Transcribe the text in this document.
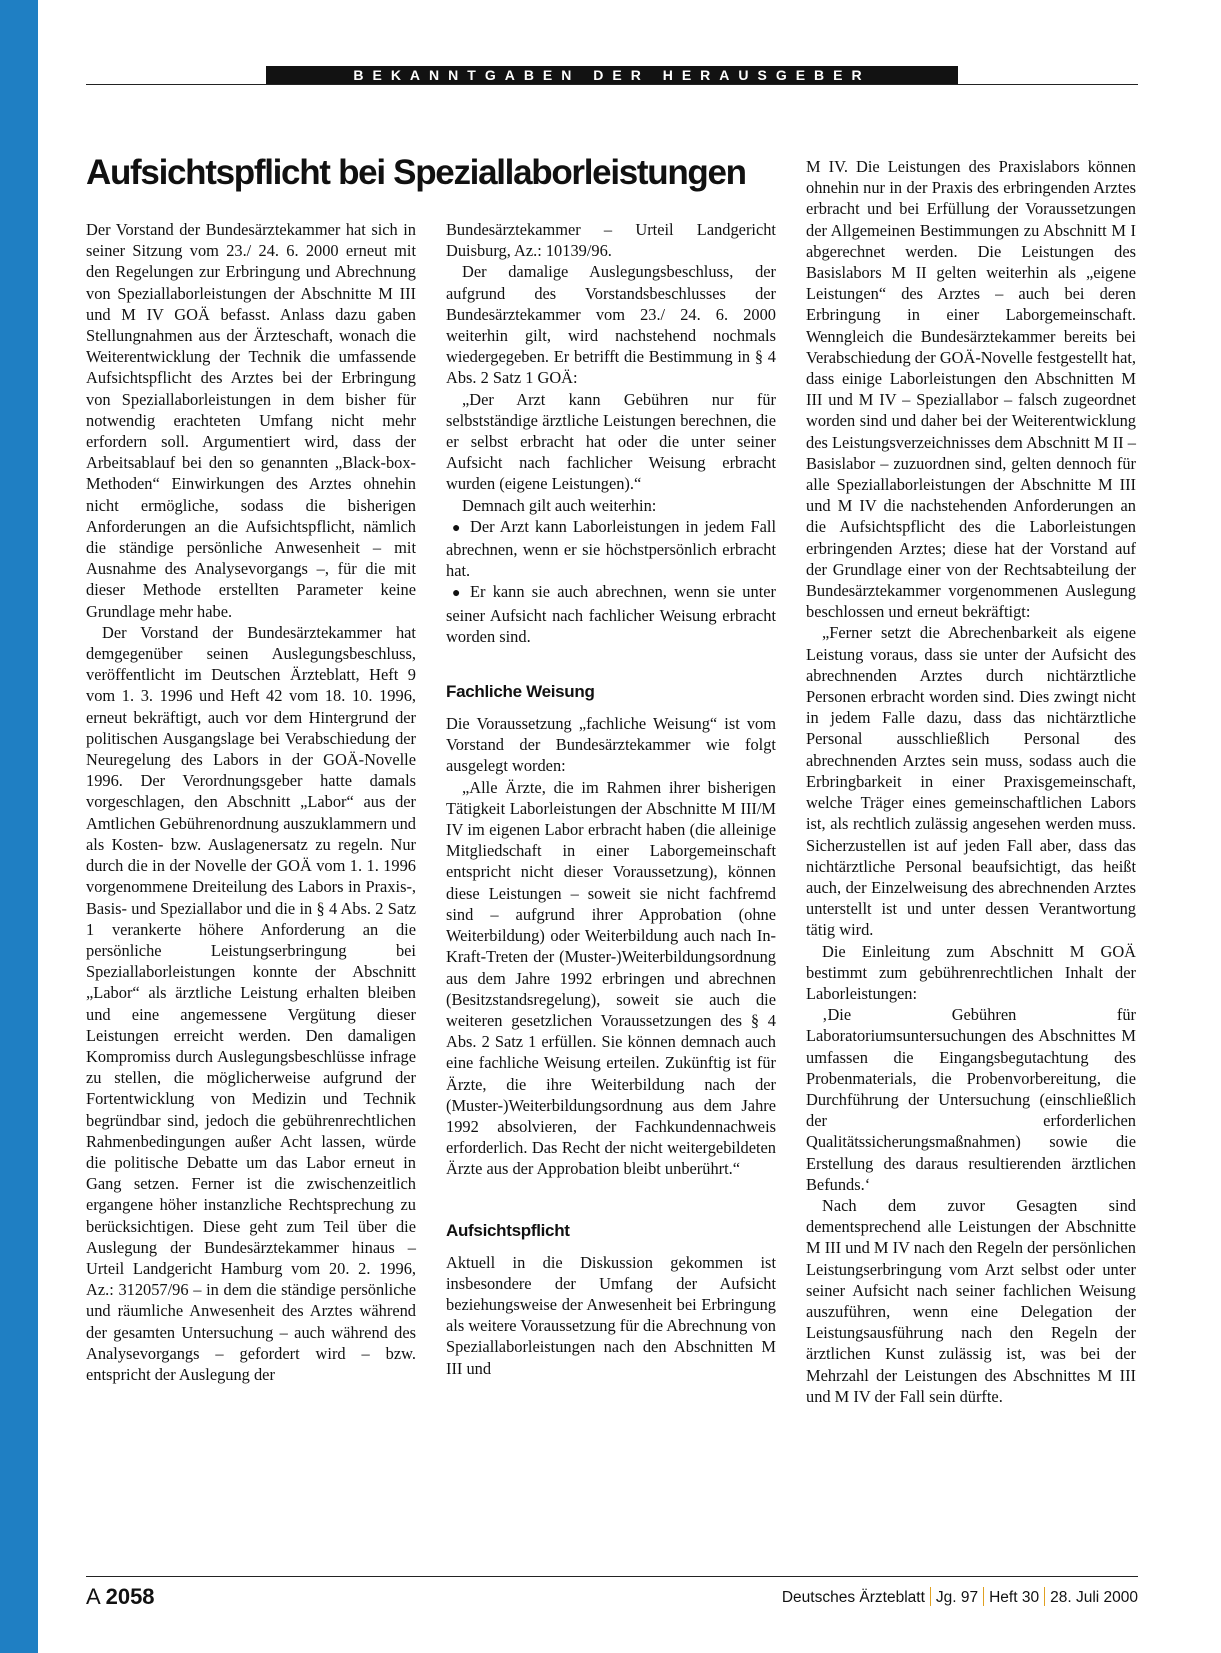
BEKANNTGABEN DER HERAUSGEBER
Aufsichtspflicht bei Speziallaborleistungen

Der Vorstand der Bundesärztekammer hat sich in seiner Sitzung vom 23./ 24. 6. 2000 erneut mit den Regelungen zur Erbringung und Abrechnung von Speziallaborleistungen der Abschnitte M III und M IV GOÄ befasst. Anlass dazu gaben Stellungnahmen aus der Ärzteschaft, wonach die Weiterentwicklung der Technik die umfassende Aufsichtspflicht des Arztes bei der Erbringung von Speziallaborleistungen in dem bisher für notwendig erachteten Umfang nicht mehr erfordern soll. Argumentiert wird, dass der Arbeitsablauf bei den so genannten „Black-box-Methoden“ Einwirkungen des Arztes ohnehin nicht ermögliche, sodass die bisherigen Anforderungen an die Aufsichtspflicht, nämlich die ständige persönliche Anwesenheit – mit Ausnahme des Analysevorgangs –, für die mit dieser Methode erstellten Parameter keine Grundlage mehr habe.

Der Vorstand der Bundesärztekammer hat demgegenüber seinen Auslegungsbeschluss, veröffentlicht im Deutschen Ärzteblatt, Heft 9 vom 1. 3. 1996 und Heft 42 vom 18. 10. 1996, erneut bekräftigt, auch vor dem Hintergrund der politischen Ausgangslage bei Verabschiedung der Neuregelung des Labors in der GOÄ-Novelle 1996. Der Verordnungsgeber hatte damals vorgeschlagen, den Abschnitt „Labor“ aus der Amtlichen Gebührenordnung auszuklammern und als Kosten- bzw. Auslagenersatz zu regeln. Nur durch die in der Novelle der GOÄ vom 1. 1. 1996 vorgenommene Dreiteilung des Labors in Praxis-, Basis- und Speziallabor und die in § 4 Abs. 2 Satz 1 verankerte höhere Anforderung an die persönliche Leistungserbringung bei Speziallaborleistungen konnte der Abschnitt „Labor“ als ärztliche Leistung erhalten bleiben und eine angemessene Vergütung dieser Leistungen erreicht werden. Den damaligen Kompromiss durch Auslegungsbeschlüsse infrage zu stellen, die möglicherweise aufgrund der Fortentwicklung von Medizin und Technik begründbar sind, jedoch die gebührenrechtlichen Rahmenbedingungen außer Acht lassen, würde die politische Debatte um das Labor erneut in Gang setzen. Ferner ist die zwischenzeitlich ergangene höher instanzliche Rechtsprechung zu berücksichtigen. Diese geht zum Teil über die Auslegung der Bundesärztekammer hinaus – Urteil Landgericht Hamburg vom 20. 2. 1996, Az.: 312057/96 – in dem die ständige persönliche und räumliche Anwesenheit des Arztes während der gesamten Untersuchung – auch während des Analysevorgangs – gefordert wird – bzw. entspricht der Auslegung der

Bundesärztekammer – Urteil Landgericht Duisburg, Az.: 10139/96.

Der damalige Auslegungsbeschluss, der aufgrund des Vorstandsbeschlusses der Bundesärztekammer vom 23./ 24. 6. 2000 weiterhin gilt, wird nachstehend nochmals wiedergegeben. Er betrifft die Bestimmung in § 4 Abs. 2 Satz 1 GOÄ:

„Der Arzt kann Gebühren nur für selbstständige ärztliche Leistungen berechnen, die er selbst erbracht hat oder die unter seiner Aufsicht nach fachlicher Weisung erbracht wurden (eigene Leistungen).“

Demnach gilt auch weiterhin:

● Der Arzt kann Laborleistungen in jedem Fall abrechnen, wenn er sie höchstpersönlich erbracht hat.
● Er kann sie auch abrechnen, wenn sie unter seiner Aufsicht nach fachlicher Weisung erbracht worden sind.
Fachliche Weisung

Die Voraussetzung „fachliche Weisung“ ist vom Vorstand der Bundesärztekammer wie folgt ausgelegt worden:

„Alle Ärzte, die im Rahmen ihrer bisherigen Tätigkeit Laborleistungen der Abschnitte M III/M IV im eigenen Labor erbracht haben (die alleinige Mitgliedschaft in einer Laborgemeinschaft entspricht nicht dieser Voraussetzung), können diese Leistungen – soweit sie nicht fachfremd sind – aufgrund ihrer Approbation (ohne Weiterbildung) oder Weiterbildung auch nach In-Kraft-Treten der (Muster-)Weiterbildungsordnung aus dem Jahre 1992 erbringen und abrechnen (Besitzstandsregelung), soweit sie auch die weiteren gesetzlichen Voraussetzungen des § 4 Abs. 2 Satz 1 erfüllen. Sie können demnach auch eine fachliche Weisung erteilen. Zukünftig ist für Ärzte, die ihre Weiterbildung nach der (Muster-)Weiterbildungsordnung aus dem Jahre 1992 absolvieren, der Fachkundennachweis erforderlich. Das Recht der nicht weitergebildeten Ärzte aus der Approbation bleibt unberührt.“

Aufsichtspflicht

Aktuell in die Diskussion gekommen ist insbesondere der Umfang der Aufsicht beziehungsweise der Anwesenheit bei Erbringung als weitere Voraussetzung für die Abrechnung von Speziallaborleistungen nach den Abschnitten M III und

M IV. Die Leistungen des Praxislabors können ohnehin nur in der Praxis des erbringenden Arztes erbracht und bei Erfüllung der Voraussetzungen der Allgemeinen Bestimmungen zu Abschnitt M I abgerechnet werden. Die Leistungen des Basislabors M II gelten weiterhin als „eigene Leistungen“ des Arztes – auch bei deren Erbringung in einer Laborgemeinschaft. Wenngleich die Bundesärztekammer bereits bei Verabschiedung der GOÄ-Novelle festgestellt hat, dass einige Laborleistungen den Abschnitten M III und M IV – Speziallabor – falsch zugeordnet worden sind und daher bei der Weiterentwicklung des Leistungsverzeichnisses dem Abschnitt M II – Basislabor – zuzuordnen sind, gelten dennoch für alle Speziallaborleistungen der Abschnitte M III und M IV die nachstehenden Anforderungen an die Aufsichtspflicht des die Laborleistungen erbringenden Arztes; diese hat der Vorstand auf der Grundlage einer von der Rechtsabteilung der Bundesärztekammer vorgenommenen Auslegung beschlossen und erneut bekräftigt:

„Ferner setzt die Abrechenbarkeit als eigene Leistung voraus, dass sie unter der Aufsicht des abrechnenden Arztes durch nichtärztliche Personen erbracht worden sind. Dies zwingt nicht in jedem Falle dazu, dass das nichtärztliche Personal ausschließlich Personal des abrechnenden Arztes sein muss, sodass auch die Erbringbarkeit in einer Praxisgemeinschaft, welche Träger eines gemeinschaftlichen Labors ist, als rechtlich zulässig angesehen werden muss. Sicherzustellen ist auf jeden Fall aber, dass das nichtärztliche Personal beaufsichtigt, das heißt auch, der Einzelweisung des abrechnenden Arztes unterstellt ist und unter dessen Verantwortung tätig wird.

Die Einleitung zum Abschnitt M GOÄ bestimmt zum gebührenrechtlichen Inhalt der Laborleistungen:

‚Die Gebühren für Laboratoriumsuntersuchungen des Abschnittes M umfassen die Eingangsbegutachtung des Probenmaterials, die Probenvorbereitung, die Durchführung der Untersuchung (einschließlich der erforderlichen Qualitätssicherungsmaßnahmen) sowie die Erstellung des daraus resultierenden ärztlichen Befunds.‘

Nach dem zuvor Gesagten sind dementsprechend alle Leistungen der Abschnitte M III und M IV nach den Regeln der persönlichen Leistungserbringung vom Arzt selbst oder unter seiner Aufsicht nach seiner fachlichen Weisung auszuführen, wenn eine Delegation der Leistungsausführung nach den Regeln der ärztlichen Kunst zulässig ist, was bei der Mehrzahl der Leistungen des Abschnittes M III und M IV der Fall sein dürfte.

A 2058	Deutsches Ärzteblatt Jg. 97 Heft 30 28. Juli 2000
